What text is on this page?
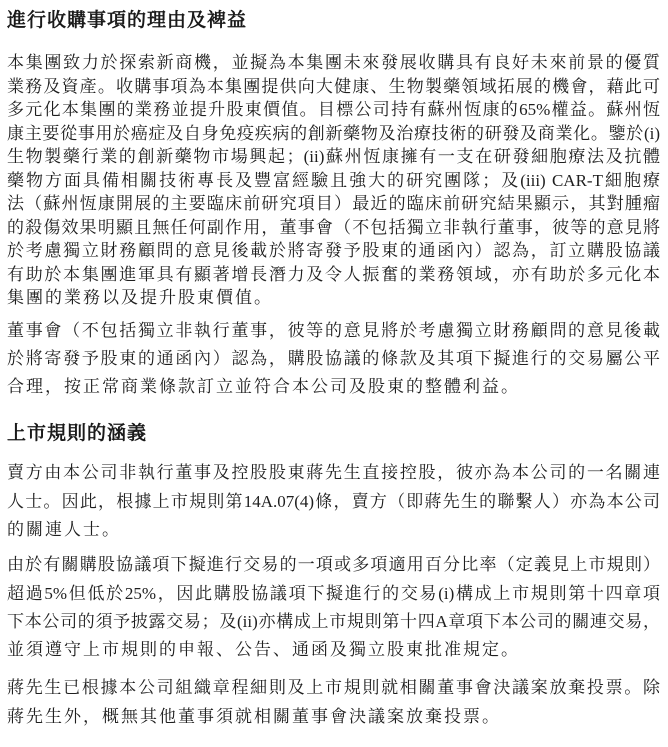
進行收購事項的理由及裨益
本集團致力於探索新商機，並擬為本集團未來發展收購具有良好未來前景的優質
業務及資產。收購事項為本集團提供向大健康、生物製藥領域拓展的機會，藉此可
多元化本集團的業務並提升股東價值。目標公司持有蘇州恆康的65%權益。蘇州恆
康主要從事用於癌症及自身免疫疾病的創新藥物及治療技術的研發及商業化。鑒於(i)
生物製藥行業的創新藥物市場興起；(ii)蘇州恆康擁有一支在研發細胞療法及抗體
藥物方面具備相關技術專長及豐富經驗且強大的研究團隊；及(iii) CAR-T細胞療
法（蘇州恆康開展的主要臨床前研究項目）最近的臨床前研究結果顯示，其對腫瘤
的殺傷效果明顯且無任何副作用，董事會（不包括獨立非執行董事，彼等的意見將
於考慮獨立財務顧問的意見後載於將寄發予股東的通函內）認為，訂立購股協議
有助於本集團進軍具有顯著增長潛力及令人振奮的業務領域，亦有助於多元化本
集團的業務以及提升股東價值。
董事會（不包括獨立非執行董事，彼等的意見將於考慮獨立財務顧問的意見後載
於將寄發予股東的通函內）認為，購股協議的條款及其項下擬進行的交易屬公平
合理，按正常商業條款訂立並符合本公司及股東的整體利益。
上市規則的涵義
賣方由本公司非執行董事及控股股東蔣先生直接控股，彼亦為本公司的一名關連
人士。因此，根據上市規則第14A.07(4)條，賣方（即蔣先生的聯繫人）亦為本公司
的關連人士。
由於有關購股協議項下擬進行交易的一項或多項適用百分比率（定義見上市規則）
超過5%但低於25%，因此購股協議項下擬進行的交易(i)構成上市規則第十四章項
下本公司的須予披露交易；及(ii)亦構成上市規則第十四A章項下本公司的關連交易，
並須遵守上市規則的申報、公告、通函及獨立股東批准規定。
蔣先生已根據本公司組織章程細則及上市規則就相關董事會決議案放棄投票。除
蔣先生外，概無其他董事須就相關董事會決議案放棄投票。
